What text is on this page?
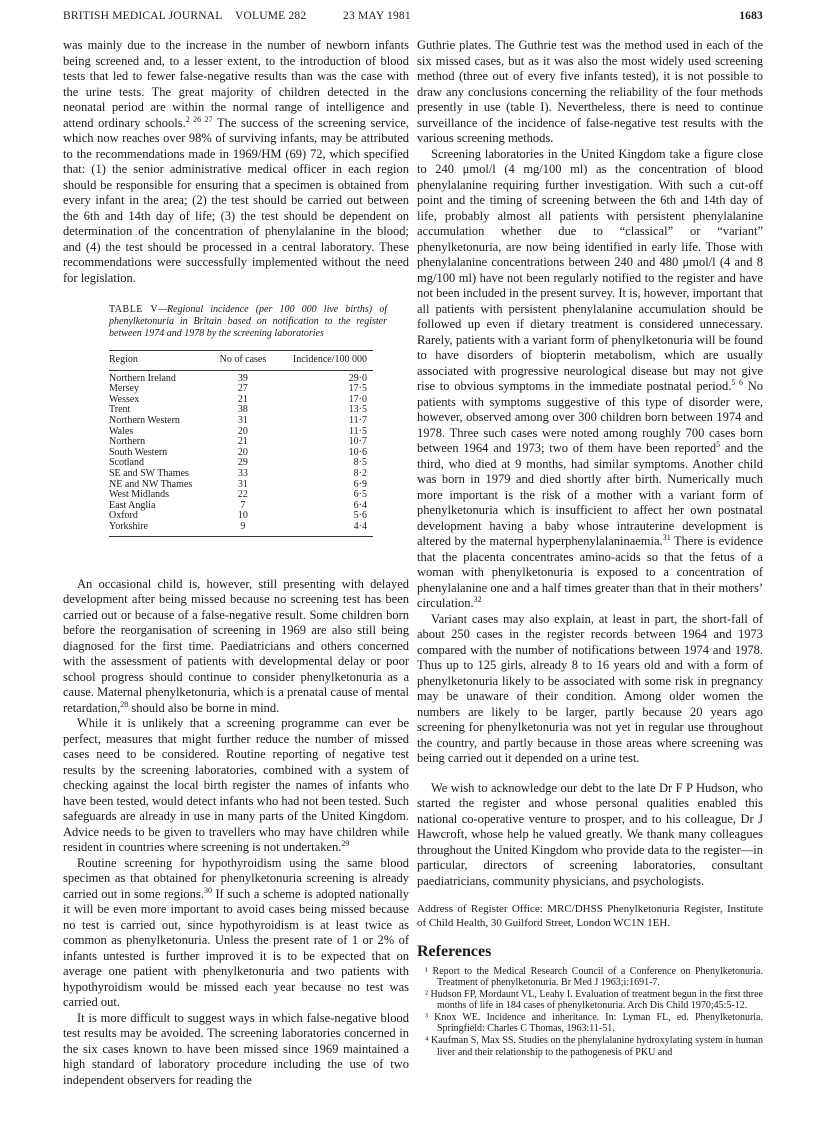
BRITISH MEDICAL JOURNAL VOLUME 282	23 MAY 1981	1683

was mainly due to the increase in the number of newborn infants being screened and, to a lesser extent, to the introduction of blood tests that led to fewer false-negative results than was the case with the urine tests. The great majority of children detected in the neonatal period are within the normal range of intelligence and attend ordinary schools.$^{2 26 27}$ The success of the screening service, which now reaches over 98% of surviving infants, may be attributed to the recommendations made in 1969/HM (69) 72, which specified that: (1) the senior administrative medical officer in each region should be responsible for ensuring that a specimen is obtained from every infant in the area; (2) the test should be carried out between the 6th and 14th day of life; (3) the test should be dependent on determination of the concentration of phenylalanine in the blood; and (4) the test should be processed in a central laboratory. These recommendations were successfully implemented without the need for legislation.

TABLE V—Regional incidence (per 100 000 live births) of phenylketonuria in Britain based on notification to the register between 1974 and 1978 by the screening laboratories

Region	No of cases	Incidence/100 000
Northern Ireland	39	29·0
Mersey	27	17·5
Wessex	21	17·0
Trent	38	13·5
Northern Western	31	11·7
Wales	20	11·5
Northern	21	10·7
South Western	20	10·6
Scotland	29	8·5
SE and SW Thames	33	8·2
NE and NW Thames	31	6·9
West Midlands	22	6·5
East Anglia	7	6·4
Oxford	10	5·6
Yorkshire	9	4·4

An occasional child is, however, still presenting with delayed development after being missed because no screening test has been carried out or because of a false-negative result. Some children born before the reorganisation of screening in 1969 are also still being diagnosed for the first time. Paediatricians and others concerned with the assessment of patients with developmental delay or poor school progress should continue to consider phenylketonuria as a cause. Maternal phenylketonuria, which is a prenatal cause of mental retardation,$^{28}$ should also be borne in mind.

While it is unlikely that a screening programme can ever be perfect, measures that might further reduce the number of missed cases need to be considered. Routine reporting of negative test results by the screening laboratories, combined with a system of checking against the local birth register the names of infants who have been tested, would detect infants who had not been tested. Such safeguards are already in use in many parts of the United Kingdom. Advice needs to be given to travellers who may have children while resident in countries where screening is not undertaken.$^{29}$

Routine screening for hypothyroidism using the same blood specimen as that obtained for phenylketonuria screening is already carried out in some regions.$^{30}$ If such a scheme is adopted nationally it will be even more important to avoid cases being missed because no test is carried out, since hypothyroidism is at least twice as common as phenylketonuria. Unless the present rate of 1 or 2% of infants untested is further improved it is to be expected that on average one patient with phenylketonuria and two patients with hypothyroidism would be missed each year because no test was carried out.

It is more difficult to suggest ways in which false-negative blood test results may be avoided. The screening laboratories concerned in the six cases known to have been missed since 1969 maintained a high standard of laboratory procedure including the use of two independent observers for reading the

Guthrie plates. The Guthrie test was the method used in each of the six missed cases, but as it was also the most widely used screening method (three out of every five infants tested), it is not possible to draw any conclusions concerning the reliability of the four methods presently in use (table I). Nevertheless, there is need to continue surveillance of the incidence of false-negative test results with the various screening methods.

Screening laboratories in the United Kingdom take a figure close to 240 μmol/l (4 mg/100 ml) as the concentration of blood phenylalanine requiring further investigation. With such a cut-off point and the timing of screening between the 6th and 14th day of life, probably almost all patients with persistent phenylalanine accumulation whether due to “classical” or “variant” phenylketonuria, are now being identified in early life. Those with phenylalanine concentrations between 240 and 480 μmol/l (4 and 8 mg/100 ml) have not been regularly notified to the register and have not been included in the present survey. It is, however, important that all patients with persistent phenylalanine accumulation should be followed up even if dietary treatment is considered unnecessary. Rarely, patients with a variant form of phenylketonuria will be found to have disorders of biopterin metabolism, which are usually associated with progressive neurological disease but may not give rise to obvious symptoms in the immediate postnatal period.$^{5 6}$ No patients with symptoms suggestive of this type of disorder were, however, observed among over 300 children born between 1974 and 1978. Three such cases were noted among roughly 700 cases born between 1964 and 1973; two of them have been reported$^5$ and the third, who died at 9 months, had similar symptoms. Another child was born in 1979 and died shortly after birth. Numerically much more important is the risk of a mother with a variant form of phenylketonuria which is insufficient to affect her own postnatal development having a baby whose intrauterine development is altered by the maternal hyperphenylalaninaemia.$^{31}$ There is evidence that the placenta concentrates amino-acids so that the fetus of a woman with phenylketonuria is exposed to a concentration of phenylalanine one and a half times greater than that in their mothers’ circulation.$^{32}$

Variant cases may also explain, at least in part, the short-fall of about 250 cases in the register records between 1964 and 1973 compared with the number of notifications between 1974 and 1978. Thus up to 125 girls, already 8 to 16 years old and with a form of phenylketonuria likely to be associated with some risk in pregnancy may be unaware of their condition. Among older women the numbers are likely to be larger, partly because 20 years ago screening for phenylketonuria was not yet in regular use throughout the country, and partly because in those areas where screening was being carried out it depended on a urine test.

We wish to acknowledge our debt to the late Dr F P Hudson, who started the register and whose personal qualities enabled this national co-operative venture to prosper, and to his colleague, Dr J Hawcroft, whose help he valued greatly. We thank many colleagues throughout the United Kingdom who provide data to the register—in particular, directors of screening laboratories, consultant paediatricians, community physicians, and psychologists.

Address of Register Office: MRC/DHSS Phenylketonuria Register, Institute of Child Health, 30 Guilford Street, London WC1N 1EH.

References

¹ Report to the Medical Research Council of a Conference on Phenylketonuria. Treatment of phenylketonuria. Br Med J 1963;i:1691-7.

² Hudson FP, Mordaunt VL, Leahy I. Evaluation of treatment begun in the first three months of life in 184 cases of phenylketonuria. Arch Dis Child 1970;45:5-12.

³ Knox WE. Incidence and inheritance. In: Lyman FL, ed. Phenylketonuria. Springfield: Charles C Thomas, 1963:11-51.

⁴ Kaufman S, Max SS. Studies on the phenylalanine hydroxylating system in human liver and their relationship to the pathogenesis of PKU and
